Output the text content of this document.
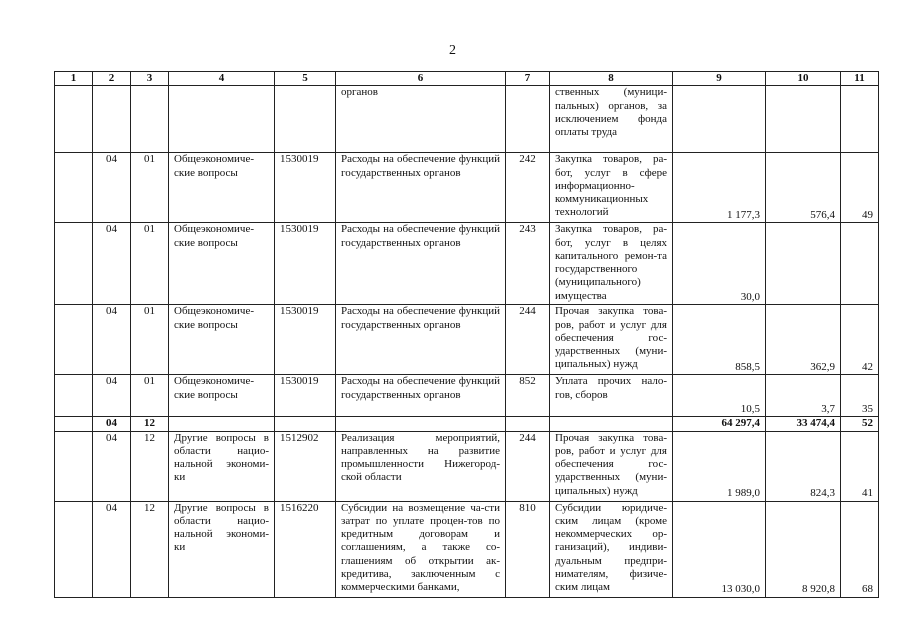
2
1	2	3	4	5	6	7	8	9	10	11
					органов		ственных (муници-пальных) органов, за исключением фонда оплаты труда			
	04	01	Общеэкономиче-ские вопросы	1530019	Расходы на обеспечение функций государственных органов	242	Закупка товаров, ра-бот, услуг в сфере информационно-коммуникационных технологий	1 177,3	576,4	49
	04	01	Общеэкономиче-ские вопросы	1530019	Расходы на обеспечение функций государственных органов	243	Закупка товаров, ра-бот, услуг в целях капитального ремон-та государственного (муниципального) имущества	30,0		
	04	01	Общеэкономиче-ские вопросы	1530019	Расходы на обеспечение функций государственных органов	244	Прочая закупка това-ров, работ и услуг для обеспечения гос-ударственных (муни-ципальных) нужд	858,5	362,9	42
	04	01	Общеэкономиче-ские вопросы	1530019	Расходы на обеспечение функций государственных органов	852	Уплата прочих нало-гов, сборов	10,5	3,7	35
	04	12						64 297,4	33 474,4	52
	04	12	Другие вопросы в области нацио-нальной экономи-ки	1512902	Реализация мероприятий, направленных на развитие промышленности Нижегород-ской области	244	Прочая закупка това-ров, работ и услуг для обеспечения гос-ударственных (муни-ципальных) нужд	1 989,0	824,3	41
	04	12	Другие вопросы в области нацио-нальной экономи-ки	1516220	Субсидии на возмещение ча-сти затрат по уплате процен-тов по кредитным договорам и соглашениям, а также со-глашениям об открытии ак-кредитива, заключенным с коммерческими банками,	810	Субсидии юридиче-ским лицам (кроме некоммерческих ор-ганизаций), индиви-дуальным предпри-нимателям, физиче-ским лицам	13 030,0	8 920,8	68
